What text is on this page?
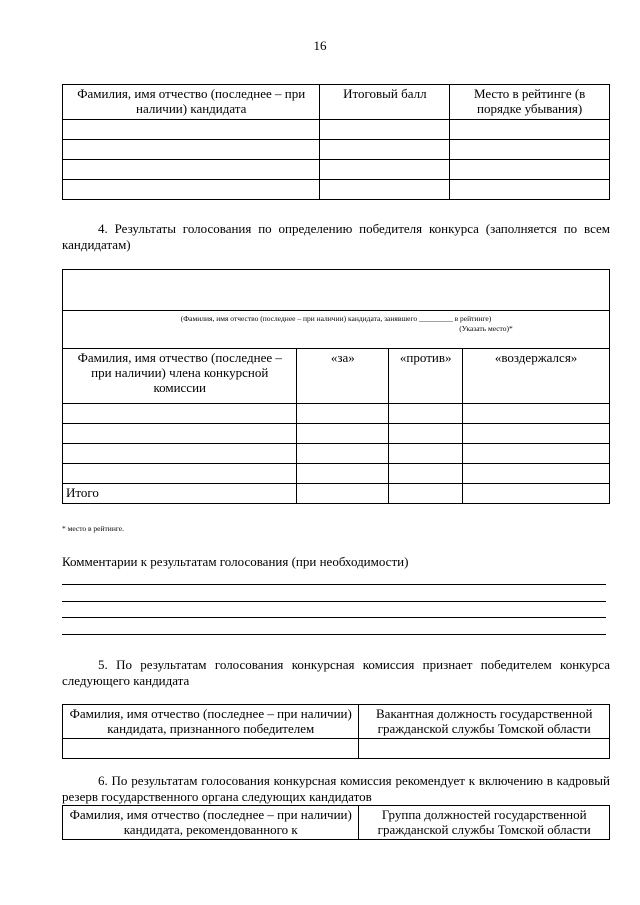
16
Фамилия, имя отчество (последнее – при наличии) кандидата	Итоговый балл	Место в рейтинге (в порядке убывания)

4. Результаты голосования по определению победителя конкурса (заполняется по всем кандидатам)

(Фамилия, имя отчество (последнее – при наличии) кандидата, занявшего _________ в рейтинге)
(Указать место)*			

Фамилия, имя отчество (последнее – при наличии) члена конкурсной комиссии	«за»	«против»	«воздержался»

Итого			
* место в рейтинге.
Комментарии к результатам голосования (при необходимости)
5. По результатам голосования конкурсная комиссия признает победителем конкурса следующего кандидата
Фамилия, имя отчество (последнее – при наличии) кандидата, признанного победителем	Вакантная должность государственной гражданской службы Томской области

6. По результатам голосования конкурсная комиссия рекомендует к включению в кадровый резерв государственного органа следующих кандидатов
Фамилия, имя отчество (последнее – при наличии) кандидата, рекомендованного к	Группа должностей государственной гражданской службы Томской области
